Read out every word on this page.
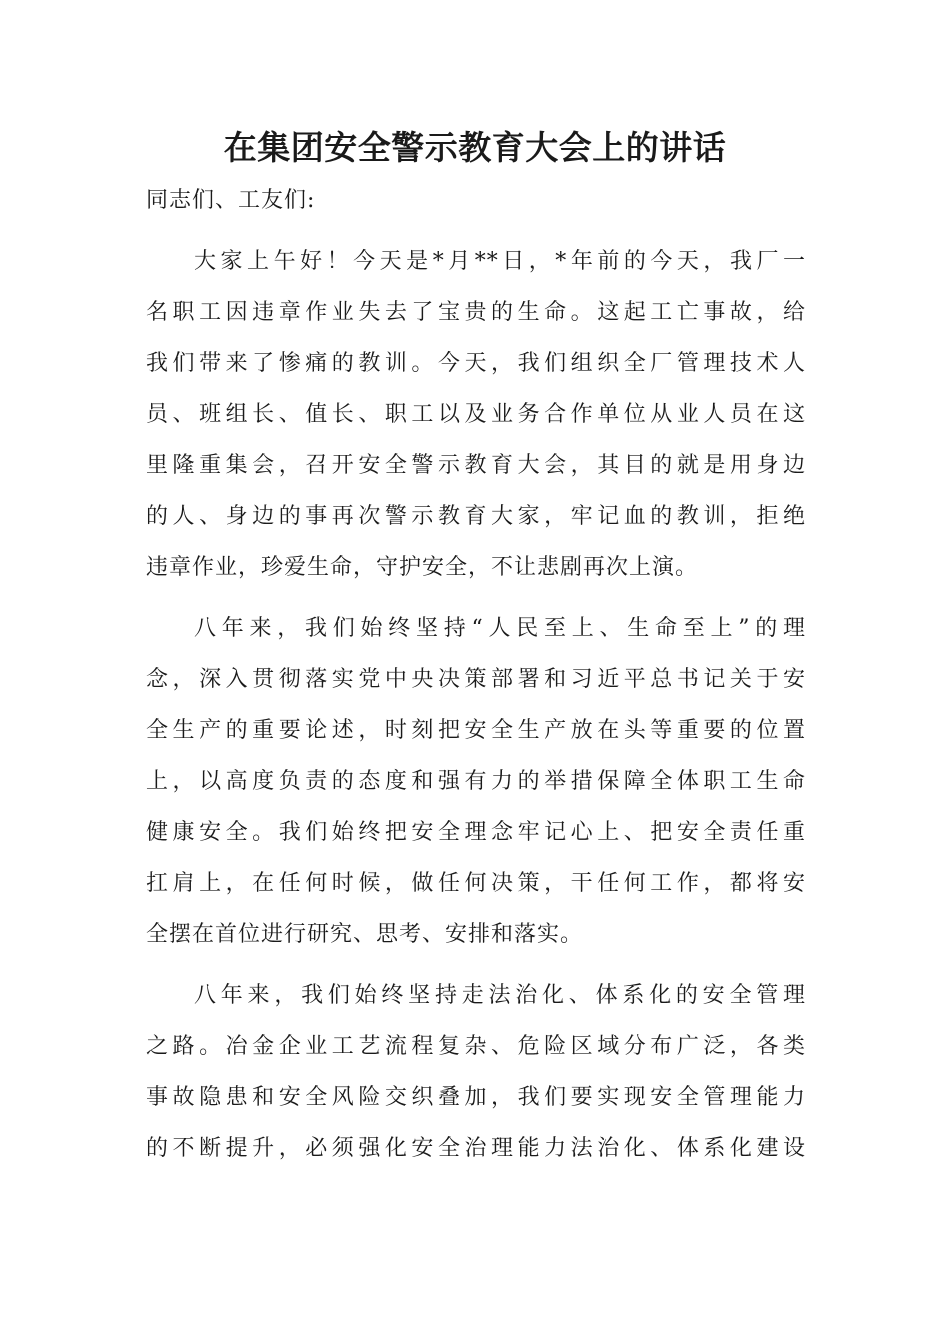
在集团安全警示教育大会上的讲话

同志们、工友们:

大家上午好！今天是*月**日，*年前的今天，我厂一
名职工因违章作业失去了宝贵的生命。这起工亡事故，给
我们带来了惨痛的教训。今天，我们组织全厂管理技术人
员、班组长、值长、职工以及业务合作单位从业人员在这
里隆重集会，召开安全警示教育大会，其目的就是用身边
的人、身边的事再次警示教育大家，牢记血的教训，拒绝
违章作业，珍爱生命，守护安全，不让悲剧再次上演。

八年来，我们始终坚持“人民至上、生命至上”的理
念，深入贯彻落实党中央决策部署和习近平总书记关于安
全生产的重要论述，时刻把安全生产放在头等重要的位置
上，以高度负责的态度和强有力的举措保障全体职工生命
健康安全。我们始终把安全理念牢记心上、把安全责任重
扛肩上，在任何时候，做任何决策，干任何工作，都将安
全摆在首位进行研究、思考、安排和落实。

八年来，我们始终坚持走法治化、体系化的安全管理
之路。冶金企业工艺流程复杂、危险区域分布广泛，各类
事故隐患和安全风险交织叠加，我们要实现安全管理能力
的不断提升，必须强化安全治理能力法治化、体系化建设
